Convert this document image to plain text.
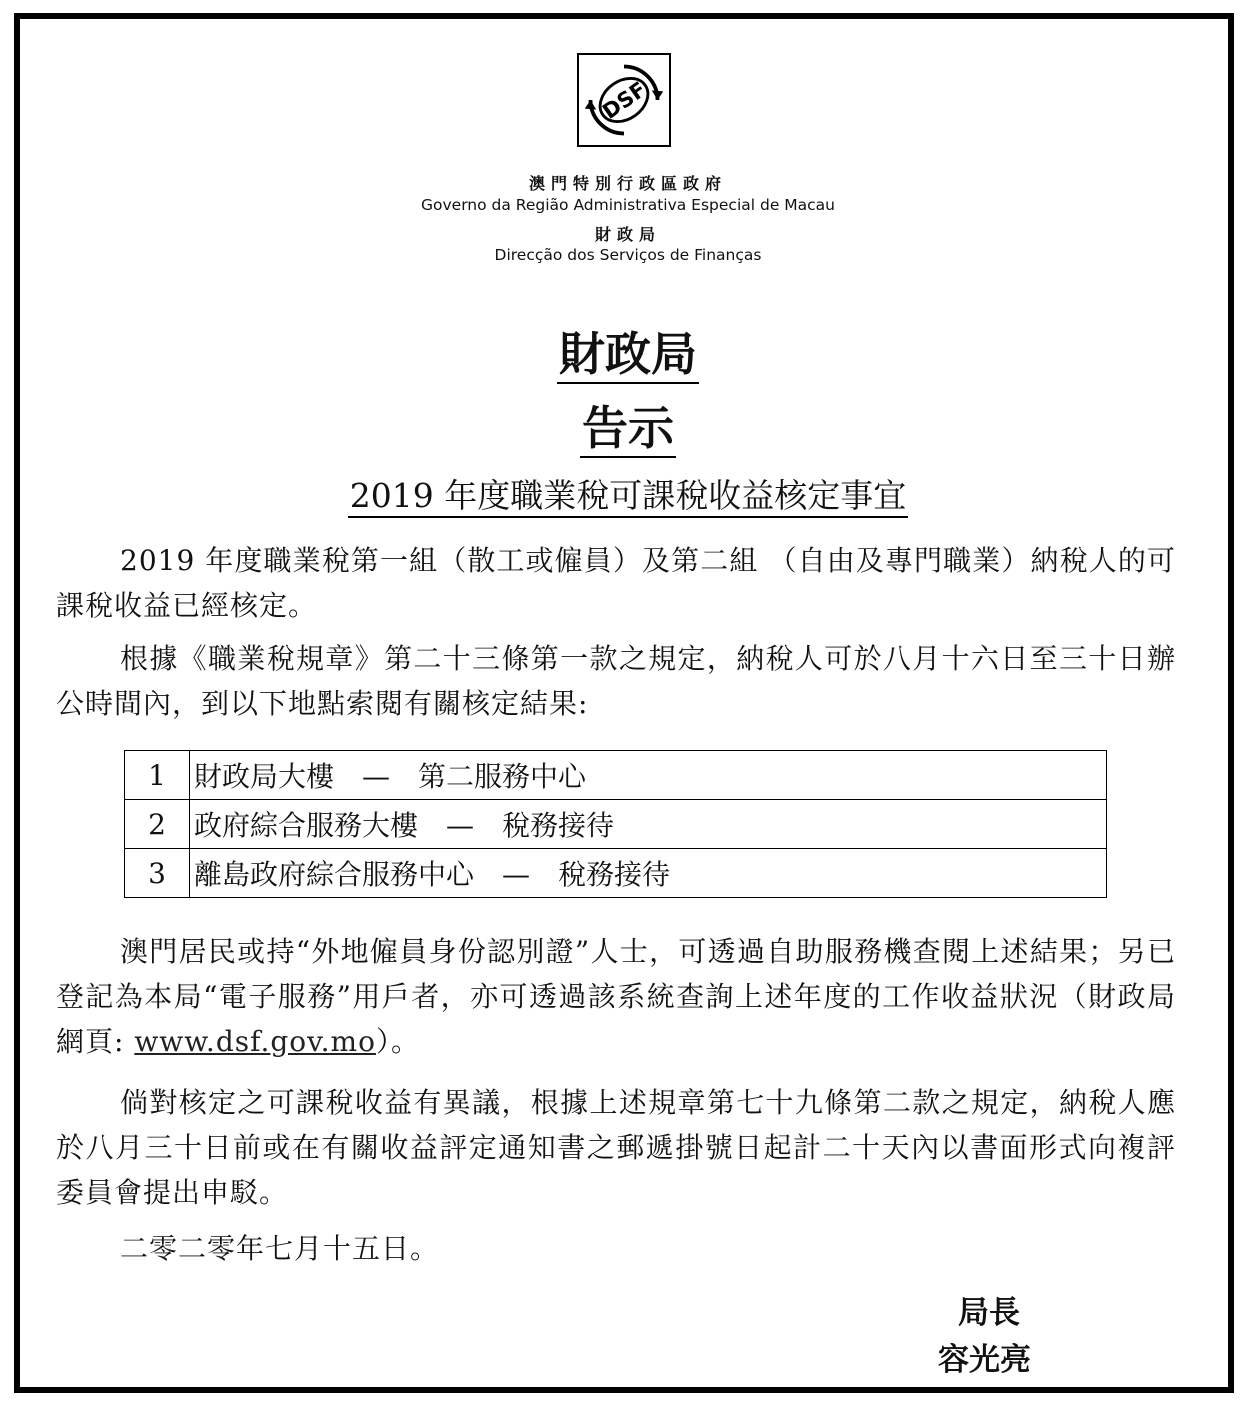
DSF
澳門特別行政區政府
Governo da Região Administrativa Especial de Macau
財政局
Direcção dos Serviços de Finanças
財政局
告示
2019 年度職業稅可課稅收益核定事宜
2019 年度職業稅第一組（散工或僱員）及第二組 （自由及專門職業）納稅人的可課稅收益已經核定。
根據《職業稅規章》第二十三條第一款之規定，納稅人可於八月十六日至三十日辦公時間內，到以下地點索閱有關核定結果:
1	財政局大樓　—　第二服務中心
2	政府綜合服務大樓　—　稅務接待
3	離島政府綜合服務中心　—　稅務接待
澳門居民或持“外地僱員身份認別證”人士，可透過自助服務機查閱上述結果；另已登記為本局“電子服務”用戶者，亦可透過該系統查詢上述年度的工作收益狀況（財政局網頁: www.dsf.gov.mo）。
倘對核定之可課稅收益有異議，根據上述規章第七十九條第二款之規定，納稅人應於八月三十日前或在有關收益評定通知書之郵遞掛號日起計二十天內以書面形式向複評委員會提出申駁。
二零二零年七月十五日。
局長
容光亮
